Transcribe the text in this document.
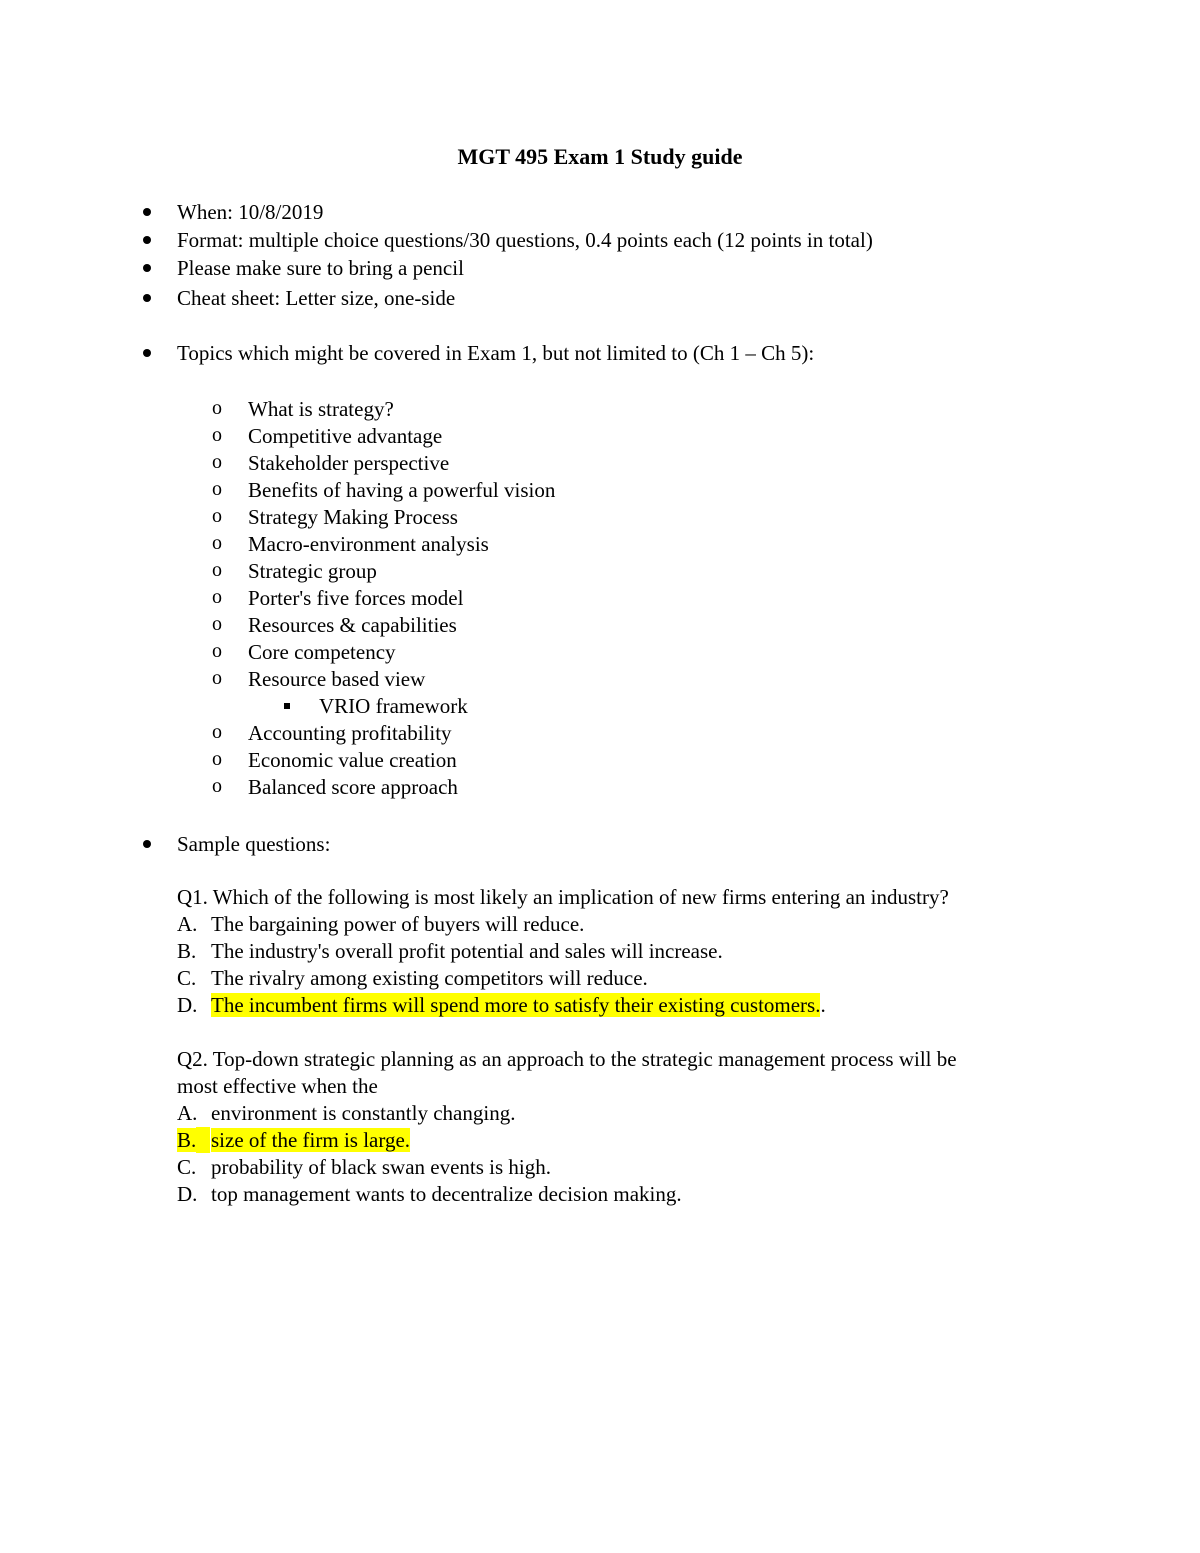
MGT 495 Exam 1 Study guide
When: 10/8/2019
Format: multiple choice questions/30 questions, 0.4 points each (12 points in total)
Please make sure to bring a pencil
Cheat sheet: Letter size, one-side
Topics which might be covered in Exam 1, but not limited to (Ch 1 – Ch 5):
o What is strategy?
o Competitive advantage
o Stakeholder perspective
o Benefits of having a powerful vision
o Strategy Making Process
o Macro-environment analysis
o Strategic group
o Porter's five forces model
o Resources & capabilities
o Core competency
o Resource based view
o Accounting profitability
o Economic value creation
o Balanced score approach
VRIO framework
Sample questions:
Q1. Which of the following is most likely an implication of new firms entering an industry?
A. The bargaining power of buyers will reduce.
B. The industry's overall profit potential and sales will increase.
C. The rivalry among existing competitors will reduce.
D. The incumbent firms will spend more to satisfy their existing customers..
Q2. Top-down strategic planning as an approach to the strategic management process will be
most effective when the
A. environment is constantly changing.
B. size of the firm is large.
C. probability of black swan events is high.
D. top management wants to decentralize decision making.
